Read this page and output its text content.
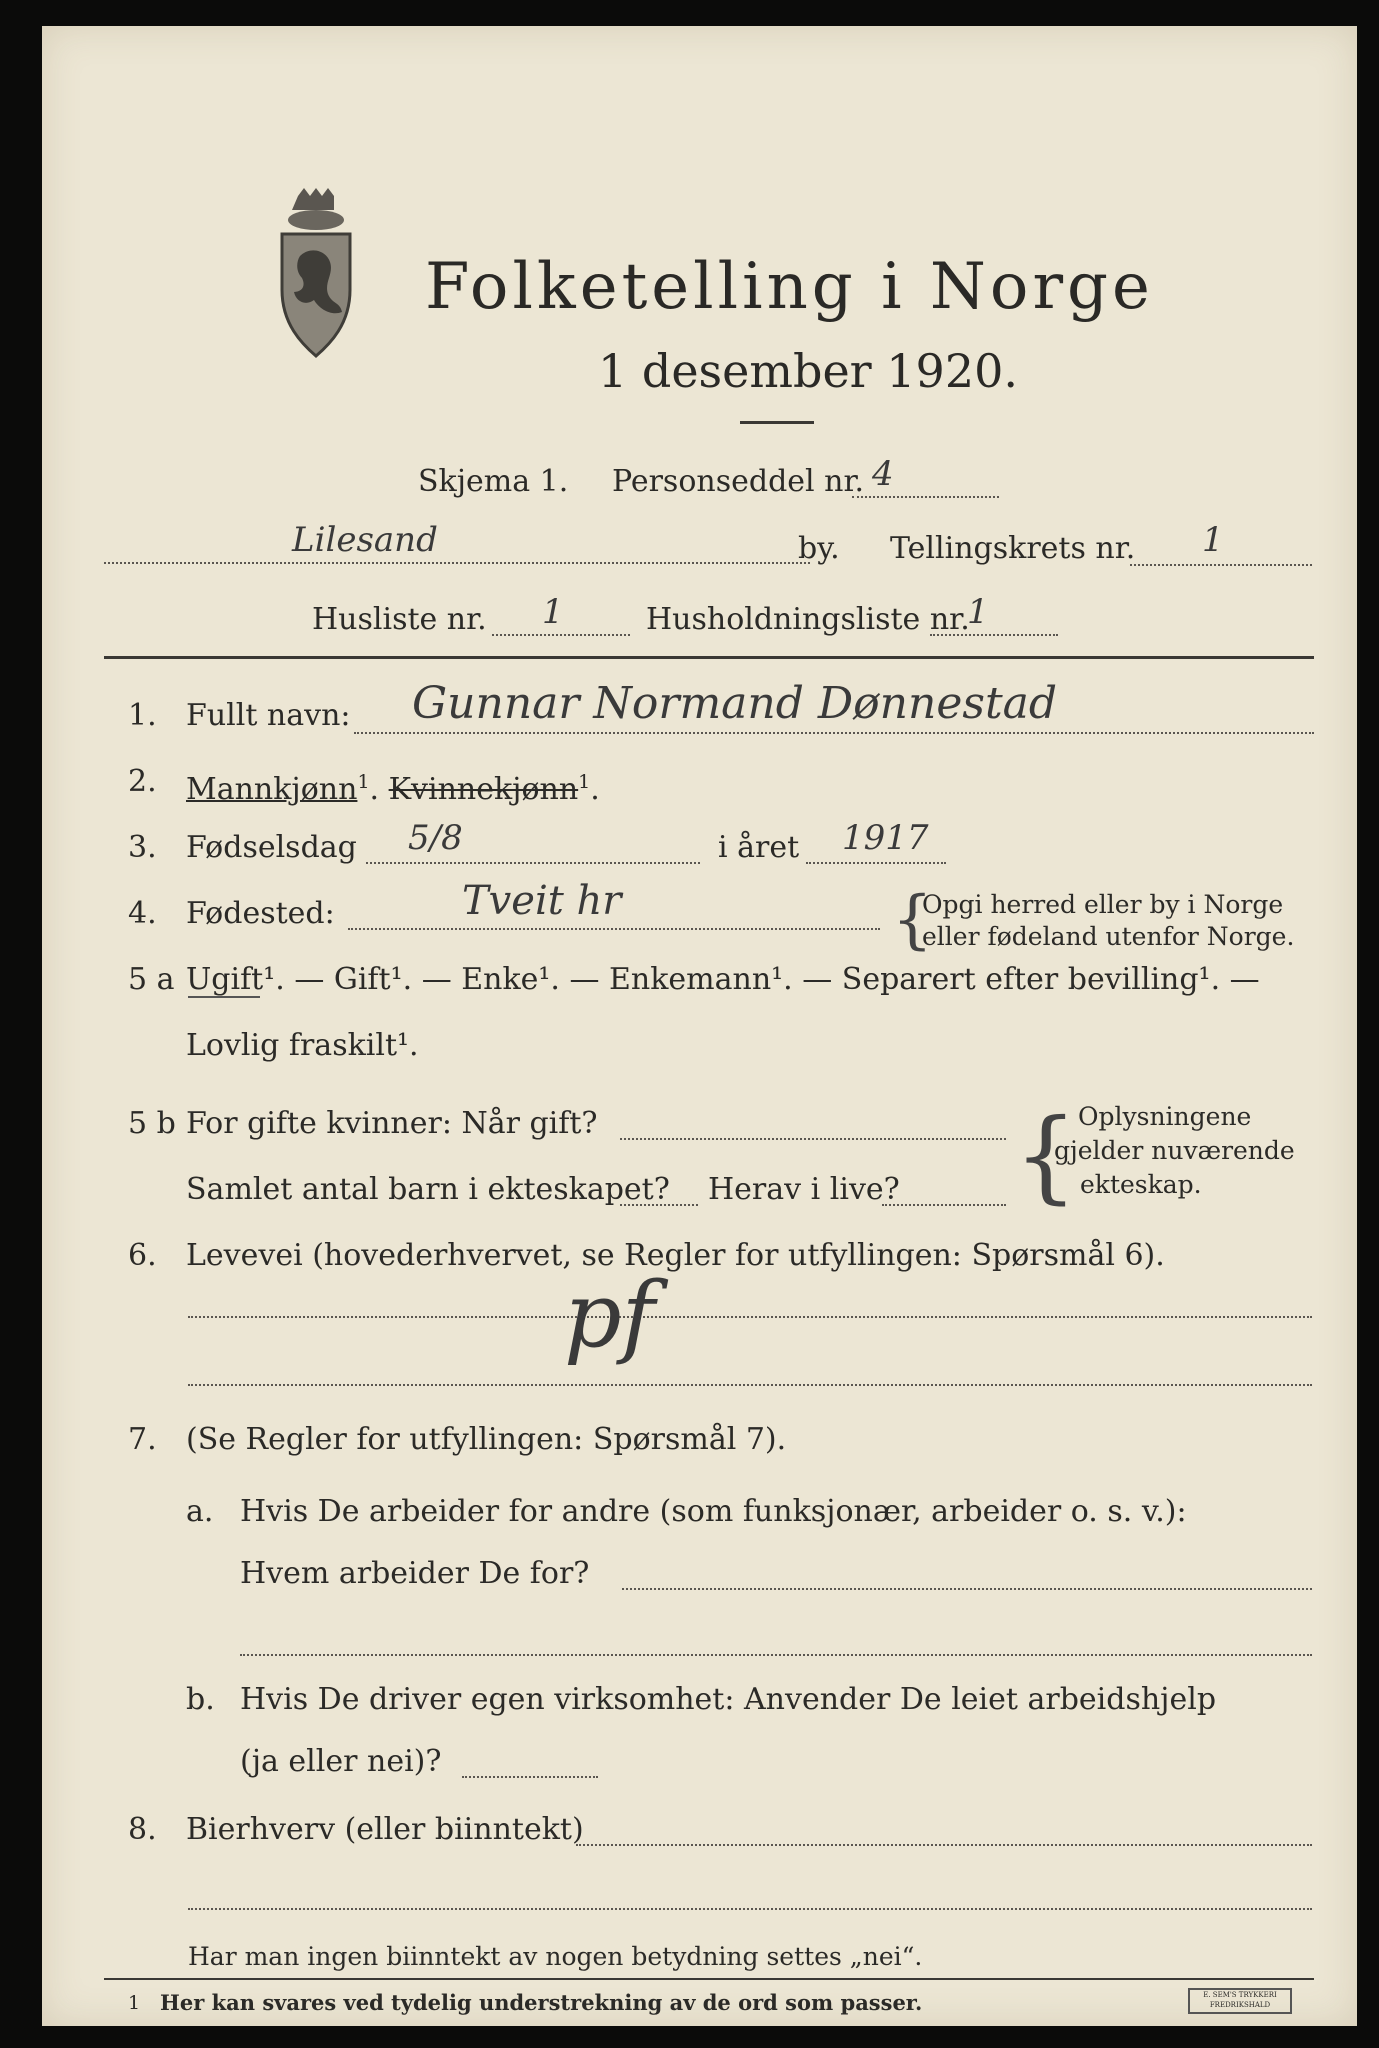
Folketelling i Norge
1 desember 1920.
Skjema 1. Personseddel nr. 4
Lilesand	by. Tellingskrets nr. 1
Husliste nr. 1	Husholdningsliste nr.
1
1. Fullt navn: Gunnar Normand Dønnestad
2. Mannkjønn$^1$. Kvinnekjønn$^1$.
3. Fødselsdag 5/8	i året 1917
4. Fødested:	Tveit hr	{
Opgi herred eller by i Norge
eller fødeland utenfor Norge.
5 a Ugift¹. — Gift¹. — Enke¹. — Enkemann¹. — Separert efter bevilling¹. —
Lovlig fraskilt¹.
5 b For gifte kvinner: Når gift?
Samlet antal barn i ekteskapet? Herav i live? { Oplysningene
gjelder nuværende
ekteskap.
6. Levevei (hovederhvervet, se Regler for utfyllingen: Spørsmål 6).
pf
7. (Se Regler for utfyllingen: Spørsmål 7).
a. Hvis De arbeider for andre (som funksjonær, arbeider o. s. v.):
Hvem arbeider De for?
b. Hvis De driver egen virksomhet: Anvender De leiet arbeidshjelp
(ja eller nei)?
8. Bierhverv (eller biinntekt)
Har man ingen biinntekt av nogen betydning settes „nei“.
1 Her kan svares ved tydelig understrekning av de ord som passer.	E. SEM'S TRYKKERI FREDRIKSHALD
